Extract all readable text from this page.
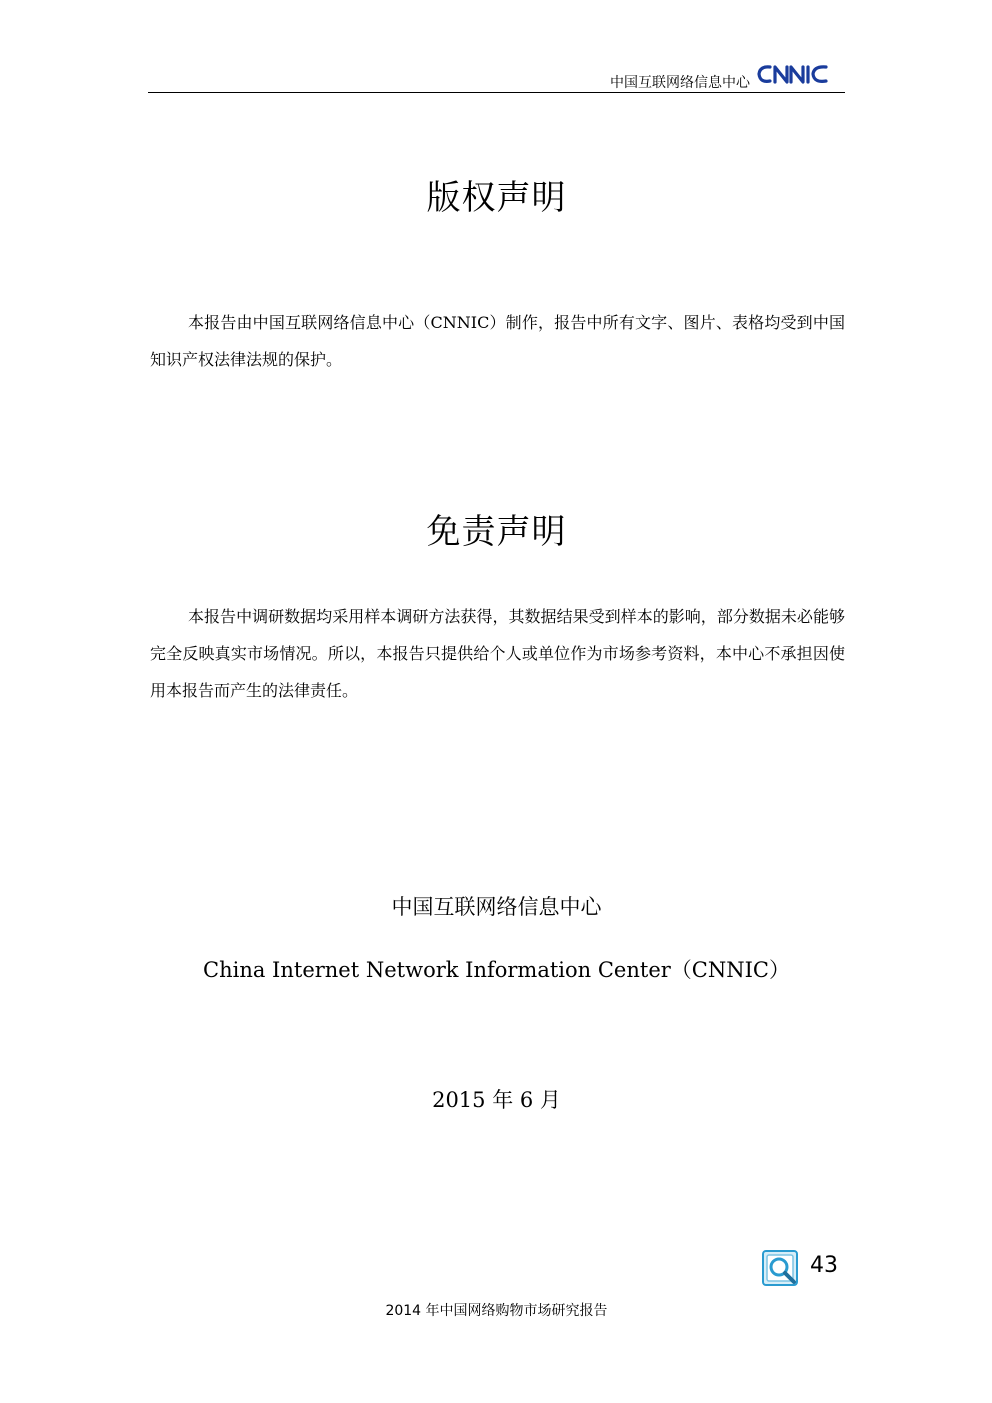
中国互联网络信息中心
版权声明
本报告由中国互联网络信息中心（CNNIC）制作，报告中所有文字、图片、表格均受到中国知识产权法律法规的保护。
免责声明
本报告中调研数据均采用样本调研方法获得，其数据结果受到样本的影响，部分数据未必能够完全反映真实市场情况。所以，本报告只提供给个人或单位作为市场参考资料，本中心不承担因使用本报告而产生的法律责任。
中国互联网络信息中心
China Internet Network Information Center（CNNIC）
2015 年 6 月
43
2014 年中国网络购物市场研究报告
